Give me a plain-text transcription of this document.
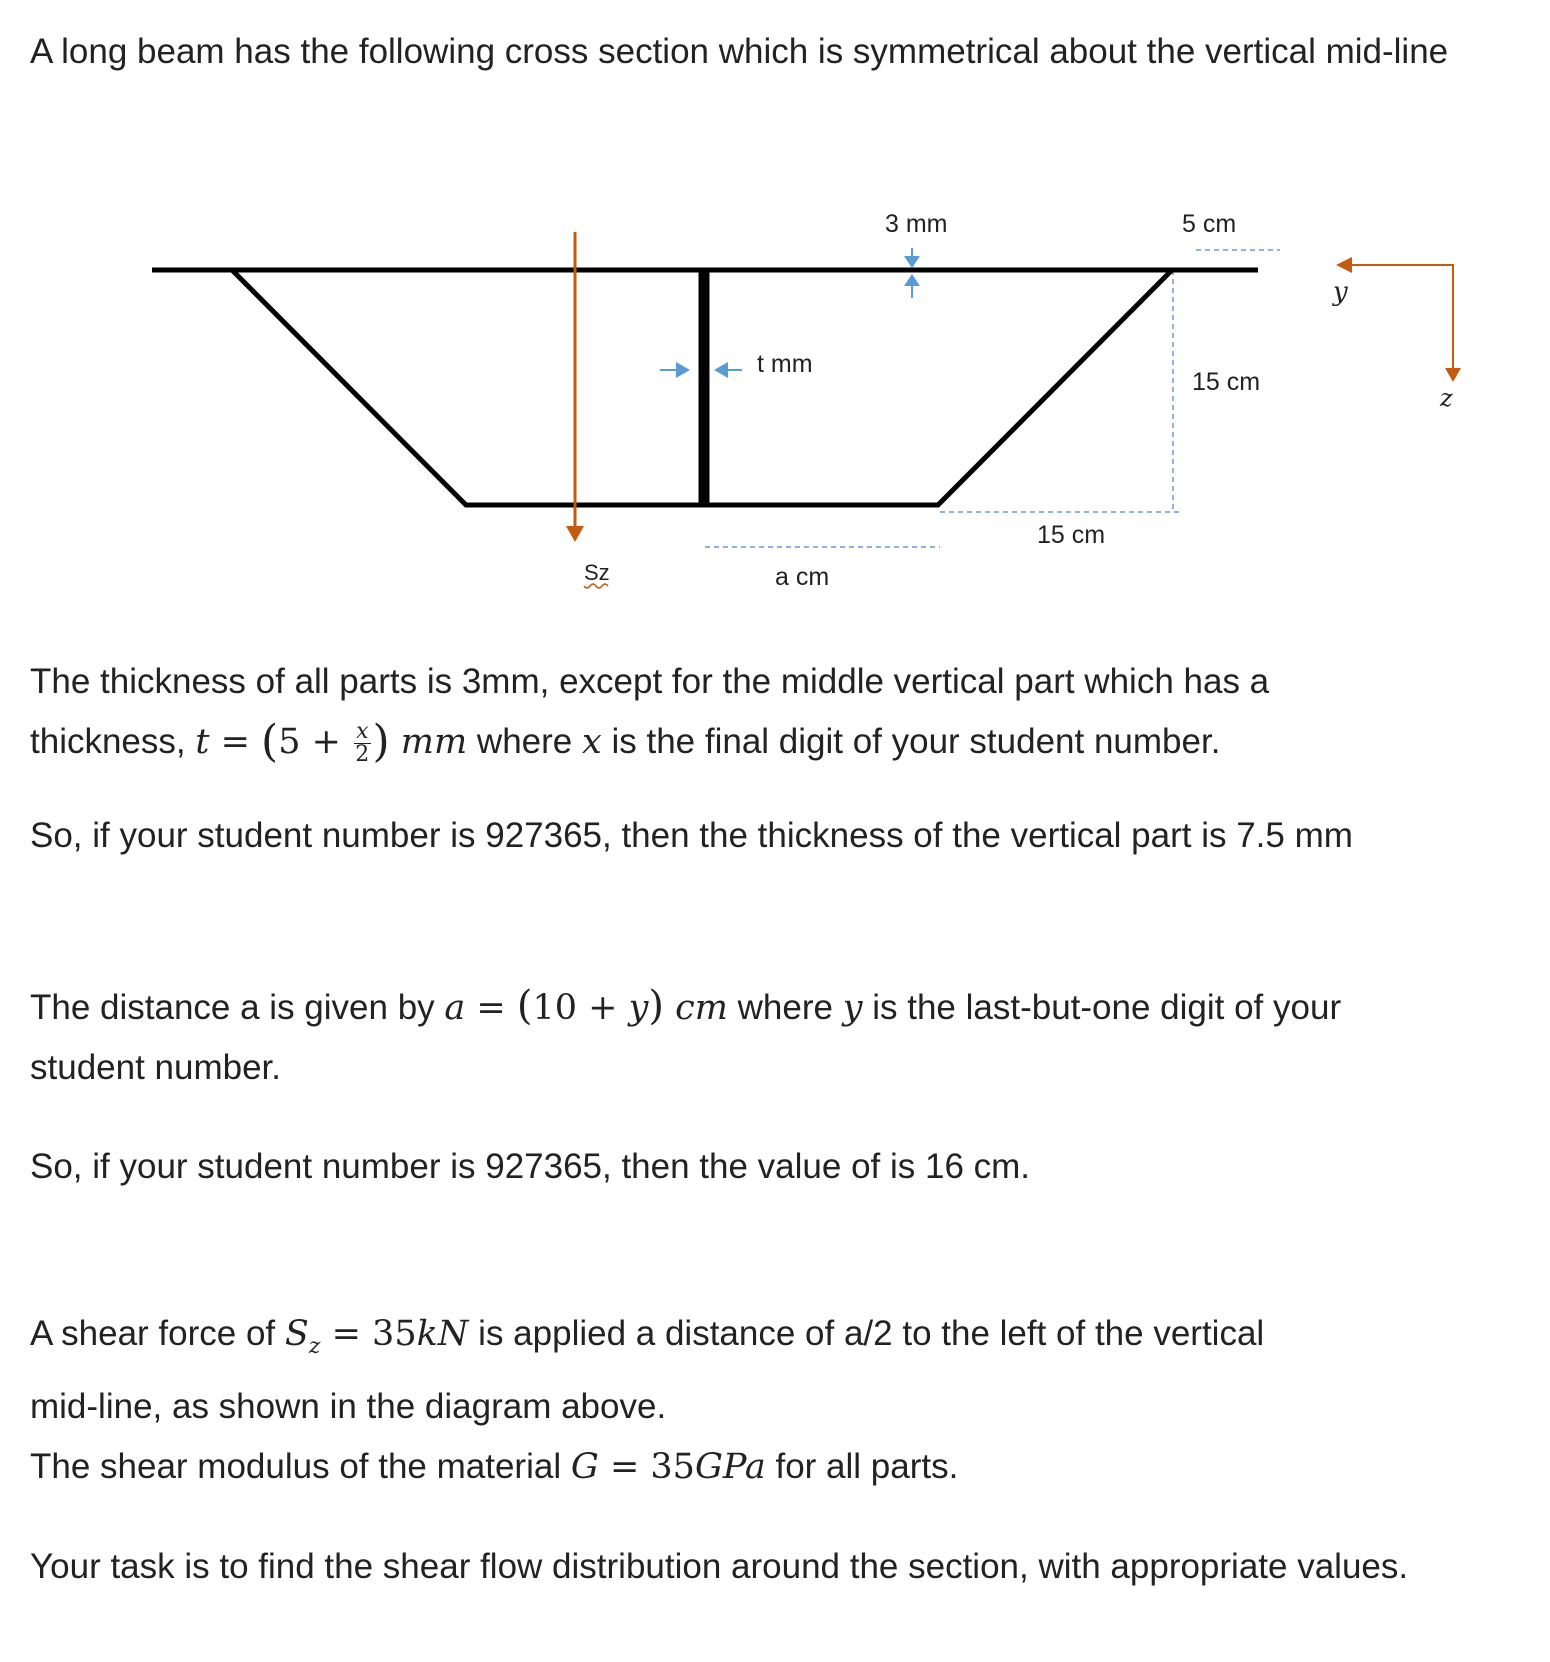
A long beam has the following cross section which is symmetrical about the vertical mid-line

3 mm	5 cm
t mm
15 cm
15 cm
a cm
Sz
y
z

The thickness of all parts is 3mm, except for the middle vertical part which has a
thickness, $t = (5 + \frac{x}{2}$ ) mm where x is the final digit of your student number.

So, if your student number is 927365, then the thickness of the vertical part is 7.5 mm

The distance a is given by a = (10 + y) cm where y is the last-but-one digit of your
student number.

So, if your student number is 927365, then the value of is 16 cm.

A shear force of $S_z = 35kN$ is applied a distance of a/2 to the left of the vertical
mid-line, as shown in the diagram above.
The shear modulus of the material G = 35GPa for all parts.

Your task is to find the shear flow distribution around the section, with appropriate values.
